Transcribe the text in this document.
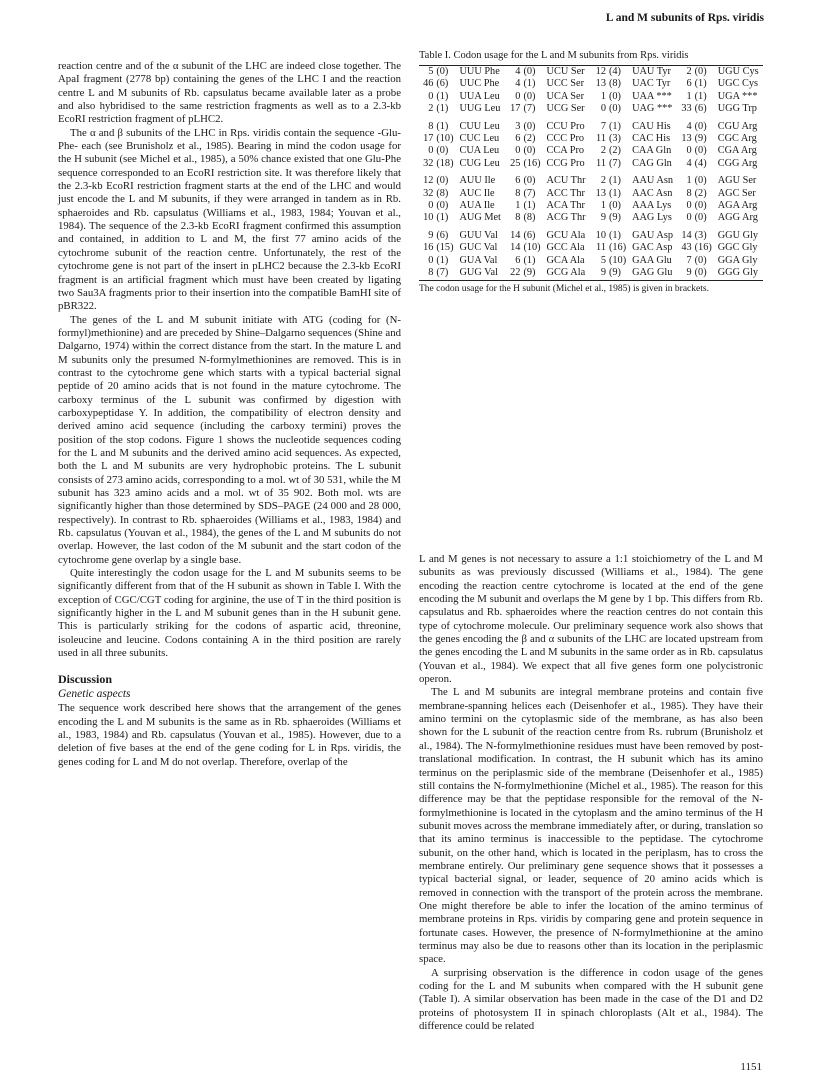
L and M subunits of Rps. viridis

reaction centre and of the α subunit of the LHC are indeed close together. The ApaI fragment (2778 bp) containing the genes of the LHC I and the reaction centre L and M subunits of Rb. capsulatus became available later as a probe and also hybridised to the same restriction fragments as well as to a 2.3-kb EcoRI restriction fragment of pLHC2.

The α and β subunits of the LHC in Rps. viridis contain the sequence -Glu-Phe- each (see Brunisholz et al., 1985). Bearing in mind the codon usage for the H subunit (see Michel et al., 1985), a 50% chance existed that one Glu-Phe sequence corresponded to an EcoRI restriction site. It was therefore likely that the 2.3-kb EcoRI restriction fragment starts at the end of the LHC and would just encode the L and M subunits, if they were arranged in tandem as in Rb. sphaeroides and Rb. capsulatus (Williams et al., 1983, 1984; Youvan et al., 1984). The sequence of the 2.3-kb EcoRI fragment confirmed this assumption and contained, in addition to L and M, the first 77 amino acids of the cytochrome subunit of the reaction centre. Unfortunately, the rest of the cytochrome gene is not part of the insert in pLHC2 because the 2.3-kb EcoRI fragment is an artificial fragment which must have been created by ligating two Sau3A fragments prior to their insertion into the compatible BamHI site of pBR322.

The genes of the L and M subunit initiate with ATG (coding for (N-formyl)methionine) and are preceded by Shine–Dalgarno sequences (Shine and Dalgarno, 1974) within the correct distance from the start. In the mature L and M subunits only the presumed N-formylmethionines are removed. This is in contrast to the cytochrome gene which starts with a typical bacterial signal peptide of 20 amino acids that is not found in the mature cytochrome. The carboxy terminus of the L subunit was confirmed by digestion with carboxypeptidase Y. In addition, the compatibility of electron density and derived amino acid sequence (including the carboxy termini) proves the position of the stop codons. Figure 1 shows the nucleotide sequences coding for the L and M subunits and the derived amino acid sequences. As expected, both the L and M subunits are very hydrophobic proteins. The L subunit consists of 273 amino acids, corresponding to a mol. wt of 30 531, while the M subunit has 323 amino acids and a mol. wt of 35 902. Both mol. wts are significantly higher than those determined by SDS–PAGE (24 000 and 28 000, respectively). In contrast to Rb. sphaeroides (Williams et al., 1983, 1984) and Rb. capsulatus (Youvan et al., 1984), the genes of the L and M subunits do not overlap. However, the last codon of the M subunit and the start codon of the cytochrome gene overlap by a single base.

Quite interestingly the codon usage for the L and M subunits seems to be significantly different from that of the H subunit as shown in Table I. With the exception of CGC/CGT coding for arginine, the use of T in the third position is significantly higher in the L and M subunit genes than in the H subunit gene. This is particularly striking for the codons of aspartic acid, threonine, isoleucine and leucine. Codons containing A in the third position are rarely used in all three subunits.

Discussion
Genetic aspects

The sequence work described here shows that the arrangement of the genes encoding the L and M subunits is the same as in Rb. sphaeroides (Williams et al., 1983, 1984) and Rb. capsulatus (Youvan et al., 1985). However, due to a deletion of five bases at the end of the gene coding for L in Rps. viridis, the genes coding for L and M do not overlap. Therefore, overlap of the

Table I. Codon usage for the L and M subunits from Rps. viridis
5	(0)	UUU Phe	4	(0)	UCU Ser	12	(4)	UAU Tyr	2	(0)	UGU Cys
46	(6)	UUC Phe	4	(1)	UCC Ser	13	(8)	UAC Tyr	6	(1)	UGC Cys
0	(1)	UUA Leu	0	(0)	UCA Ser	1	(0)	UAA ***	1	(1)	UGA ***
2	(1)	UUG Leu	17	(7)	UCG Ser	0	(0)	UAG ***	33	(6)	UGG Trp
8	(1)	CUU Leu	3	(0)	CCU Pro	7	(1)	CAU His	4	(0)	CGU Arg
17	(10)	CUC Leu	6	(2)	CCC Pro	11	(3)	CAC His	13	(9)	CGC Arg
0	(0)	CUA Leu	0	(0)	CCA Pro	2	(2)	CAA Gln	0	(0)	CGA Arg
32	(18)	CUG Leu	25	(16)	CCG Pro	11	(7)	CAG Gln	4	(4)	CGG Arg
12	(0)	AUU Ile	6	(0)	ACU Thr	2	(1)	AAU Asn	1	(0)	AGU Ser
32	(8)	AUC Ile	8	(7)	ACC Thr	13	(1)	AAC Asn	8	(2)	AGC Ser
0	(0)	AUA Ile	1	(1)	ACA Thr	1	(0)	AAA Lys	0	(0)	AGA Arg
10	(1)	AUG Met	8	(8)	ACG Thr	9	(9)	AAG Lys	0	(0)	AGG Arg
9	(6)	GUU Val	14	(6)	GCU Ala	10	(1)	GAU Asp	14	(3)	GGU Gly
16	(15)	GUC Val	14	(10)	GCC Ala	11	(16)	GAC Asp	43	(16)	GGC Gly
0	(1)	GUA Val	6	(1)	GCA Ala	5	(10)	GAA Glu	7	(0)	GGA Gly
8	(7)	GUG Val	22	(9)	GCG Ala	9	(9)	GAG Glu	9	(0)	GGG Gly
The codon usage for the H subunit (Michel et al., 1985) is given in brackets.

L and M genes is not necessary to assure a 1:1 stoichiometry of the L and M subunits as was previously discussed (Williams et al., 1984). The gene encoding the reaction centre cytochrome is located at the end of the gene encoding the M subunit and overlaps the M gene by 1 bp. This differs from Rb. capsulatus and Rb. sphaeroides where the reaction centres do not contain this type of cytochrome molecule. Our preliminary sequence work also shows that the genes encoding the β and α subunits of the LHC are located upstream from the genes encoding the L and M subunits in the same order as in Rb. capsulatus (Youvan et al., 1984). We expect that all five genes form one polycistronic operon.

The L and M subunits are integral membrane proteins and contain five membrane-spanning helices each (Deisenhofer et al., 1985). They have their amino termini on the cytoplasmic side of the membrane, as has also been shown for the L subunit of the reaction centre from Rs. rubrum (Brunisholz et al., 1984). The N-formylmethionine residues must have been removed by post-translational modification. In contrast, the H subunit which has its amino terminus on the periplasmic side of the membrane (Deisenhofer et al., 1985) still contains the N-formylmethionine (Michel et al., 1985). The reason for this difference may be that the peptidase responsible for the removal of the N-formylmethionine is located in the cytoplasm and the amino terminus of the H subunit moves across the membrane immediately after, or during, translation so that its amino terminus is inaccessible to the peptidase. The cytochrome subunit, on the other hand, which is located in the periplasm, has to cross the membrane entirely. Our preliminary gene sequence shows that it possesses a typical bacterial signal, or leader, sequence of 20 amino acids which is removed in connection with the transport of the protein across the membrane. One might therefore be able to infer the location of the amino terminus of membrane proteins in Rps. viridis by comparing gene and protein sequence in fortunate cases. However, the presence of N-formylmethionine at the amino terminus may also be due to reasons other than its location in the periplasmic space.

A surprising observation is the difference in codon usage of the genes coding for the L and M subunits when compared with the H subunit gene (Table I). A similar observation has been made in the case of the D1 and D2 proteins of photosystem II in spinach chloroplasts (Alt et al., 1984). The difference could be related

1151
